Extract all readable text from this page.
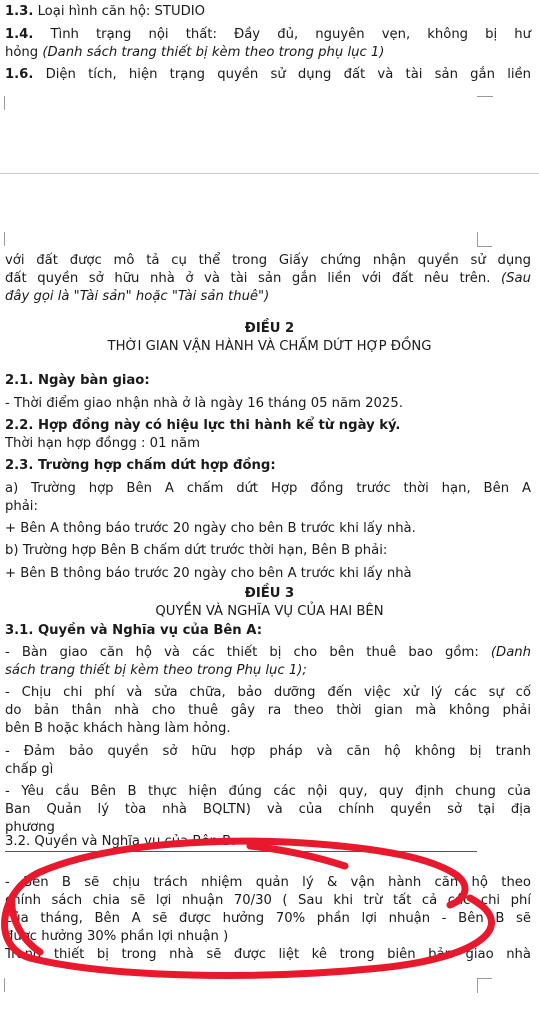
1.3. Loại hình căn hộ: STUDIO
1.4. Tình trạng nội thất: Đầy đủ, nguyên vẹn, không bị hư
hỏng (Danh sách trang thiết bị kèm theo trong phụ lục 1)
1.6. Diện tích, hiện trạng quyền sử dụng đất và tài sản gắn liền
với đất được mô tả cụ thể trong Giấy chứng nhận quyền sử dụng
đất quyền sở hữu nhà ở và tài sản gắn liền với đất nêu trên. (Sau
đây gọi là "Tài sản" hoặc "Tài sản thuê")
ĐIỀU 2
THỜI GIAN VẬN HÀNH VÀ CHẤM DỨT HỢP ĐỒNG
2.1. Ngày bàn giao:
- Thời điểm giao nhận nhà ở là ngày 16 tháng 05 năm 2025.
2.2. Hợp đồng này có hiệu lực thi hành kể từ ngày ký.
Thời hạn hợp đồngg : 01 năm
2.3. Trường hợp chấm dứt hợp đồng:
a) Trường hợp Bên A chấm dứt Hợp đồng trước thời hạn, Bên A
phải:
+ Bên A thông báo trước 20 ngày cho bên B trước khi lấy nhà.
b) Trường hợp Bên B chấm dứt trước thời hạn, Bên B phải:
+ Bên B thông báo trước 20 ngày cho bên A trước khi lấy nhà
ĐIỀU 3
QUYỀN VÀ NGHĨA VỤ CỦA HAI BÊN
3.1. Quyền và Nghĩa vụ của Bên A:
- Bàn giao căn hộ và các thiết bị cho bên thuê bao gồm: (Danh
sách trang thiết bị kèm theo trong Phụ lục 1);
- Chịu chi phí và sửa chữa, bảo dưỡng đến việc xử lý các sự cố
do bản thân nhà cho thuê gây ra theo thời gian mà không phải
bên B hoặc khách hàng làm hỏng.
- Đảm bảo quyền sở hữu hợp pháp và căn hộ không bị tranh
chấp gì
- Yêu cầu Bên B thực hiện đúng các nội quy, quy định chung của
Ban Quản lý tòa nhà BQLTN) và của chính quyền sở tại địa
phương
3.2. Quyền và Nghĩa vụ của Bên B:
- Bên B sẽ chịu trách nhiệm quản lý & vận hành căn hộ theo
chính sách chia sẽ lợi nhuận 70/30 ( Sau khi trừ tất cả các chi phí
của tháng, Bên A sẽ được hưởng 70% phần lợi nhuận - Bên B sẽ
được hưởng 30% phần lợi nhuận )
Trang thiết bị trong nhà sẽ được liệt kê trong biên bản giao nhà
